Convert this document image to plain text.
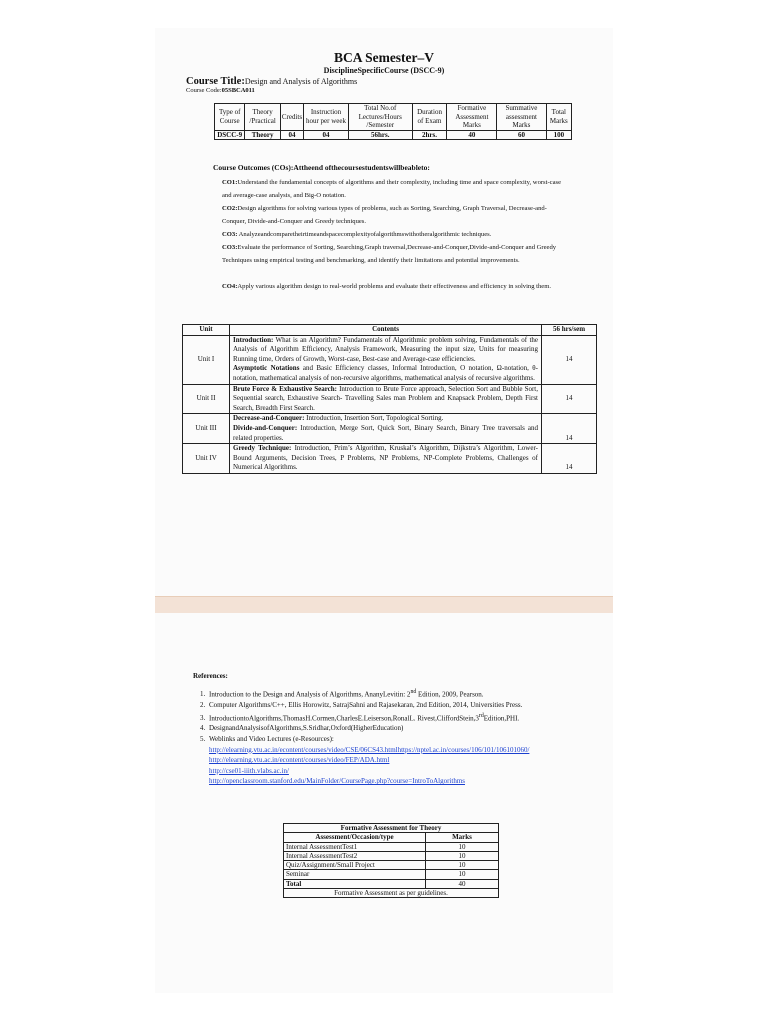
BCA Semester–V
DisciplineSpecificCourse (DSCC-9)
Course Title:Design and Analysis of Algorithms
Course Code:05SBCA011
Type of Course	Theory /Practical	Credits	Instruction hour per week	Total No.of Lectures/Hours /Semester	Duration of Exam	Formative Assessment Marks	Summative assessment Marks	Total Marks
DSCC-9	Theory	04	04	56hrs.	2hrs.	40	60	100
Course Outcomes (COs):Attheend ofthecoursestudentswillbeableto:
CO1:Understand the fundamental concepts of algorithms and their complexity, including time and space complexity, worst-case and average-case analysis, and Big-O notation.
CO2:Design algorithms for solving various types of problems, such as Sorting, Searching, Graph Traversal, Decrease-and-Conquer, Divide-and-Conquer and Greedy techniques.
CO3: Analyzeandcomparetheirtimeandspacecomplexityofalgorithmswithotheralgorithmic techniques.
CO3:Evaluate the performance of Sorting, Searching,Graph traversal,Decrease-and-Conquer,Divide-and-Conquer and Greedy Techniques using empirical testing and benchmarking, and identify their limitations and potential improvements.
CO4:Apply various algorithm design to real-world problems and evaluate their effectiveness and efficiency in solving them.
Unit	Contents	56 hrs/sem
Unit I	Introduction: What is an Algorithm? Fundamentals of Algorithmic problem solving, Fundamentals of the Analysis of Algorithm Efficiency, Analysis Framework, Measuring the input size, Units for measuring Running time, Orders of Growth, Worst-case, Best-case and Average-case efficiencies.
Asymptotic Notations and Basic Efficiency classes, Informal Introduction, O notation, Ω-notation, θ-notation, mathematical analysis of non-recursive algorithms, mathematical analysis of recursive algorithms.	14
Unit II	Brute Force & Exhaustive Search: Introduction to Brute Force approach, Selection Sort and Bubble Sort, Sequential search, Exhaustive Search- Travelling Sales man Problem and Knapsack Problem, Depth First Search, Breadth First Search.	14
Unit III	Decrease-and-Conquer: Introduction, Insertion Sort, Topological Sorting.
Divide-and-Conquer: Introduction, Merge Sort, Quick Sort, Binary Search, Binary Tree traversals and related properties.	14
Unit IV	Greedy Technique: Introduction, Prim’s Algorithm, Kruskal’s Algorithm, Dijkstra’s Algorithm, Lower-Bound Arguments, Decision Trees, P Problems, NP Problems, NP-Complete Problems, Challenges of Numerical Algorithms.	14
References:
1. Introduction to the Design and Analysis of Algorithms, AnanyLevitin: 2nd Edition, 2009, Pearson.
2. Computer Algorithms/C++, Ellis Horowitz, SatrajSahni and Rajasekaran, 2nd Edition, 2014, Universities Press.
3. IntroductiontoAlgorithms,ThomasH.Cormen,CharlesE.Leiserson,RonalL. Rivest,CliffordStein,3rdEdition,PHI.
4. DesignandAnalysisofAlgorithms,S.Sridhar,Oxford(HigherEducation)
5. Weblinks and Video Lectures (e-Resources):
http://elearning.vtu.ac.in/econtent/courses/video/CSE/06CS43.htmlhttps://nptel.ac.in/courses/106/101/106101060/
http://elearning.vtu.ac.in/econtent/courses/video/FEP/ADA.html
http://cse01-iiith.vlabs.ac.in/
http://openclassroom.stanford.edu/MainFolder/CoursePage.php?course=IntroToAlgorithms
Formative Assessment for Theory	
Assessment/Occasion/type	Marks
Internal AssessmentTest1	10
Internal AssessmentTest2	10
Quiz/Assignment/Small Project	10
Seminar	10
Total	40
Formative Assessment as per guidelines.	
